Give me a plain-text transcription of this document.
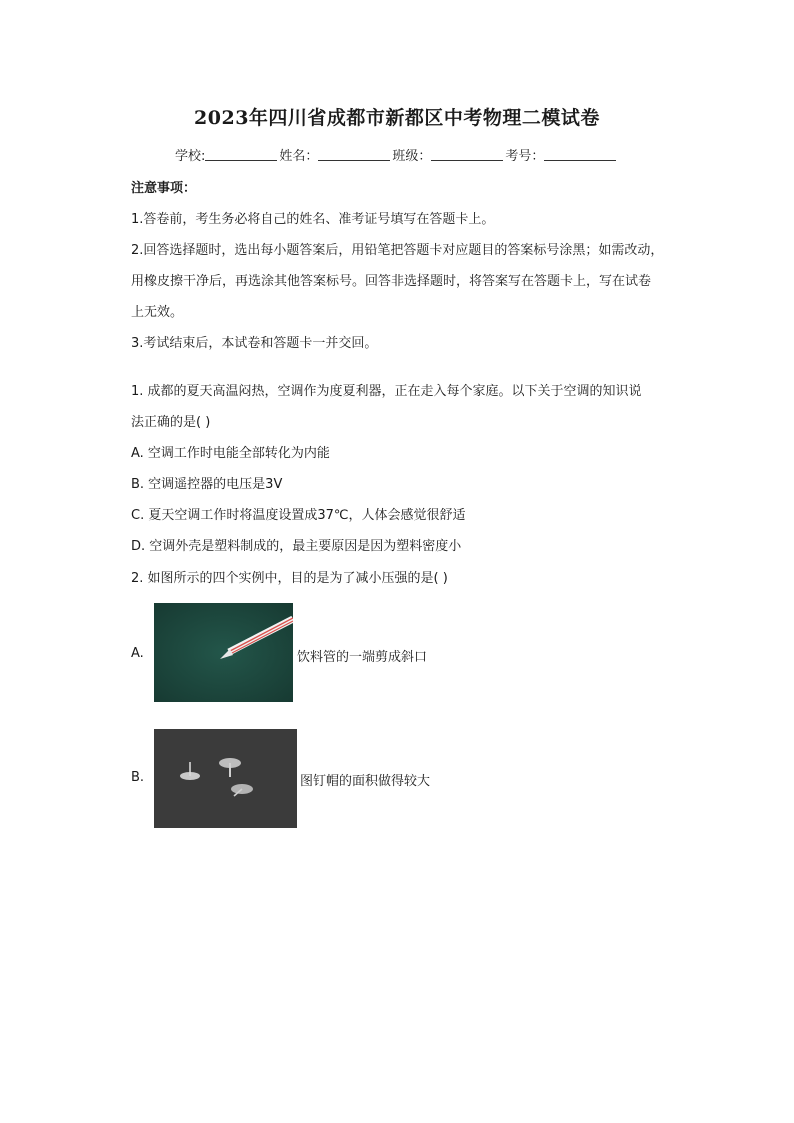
2023年四川省成都市新都区中考物理二模试卷
学校:	姓名：	班级：	考号：
注意事项：
1.答卷前，考生务必将自己的姓名、准考证号填写在答题卡上。
2.回答选择题时，选出每小题答案后，用铅笔把答题卡对应题目的答案标号涂黑；如需改动，
用橡皮擦干净后，再选涂其他答案标号。回答非选择题时，将答案写在答题卡上，写在试卷
上无效。
3.考试结束后，本试卷和答题卡一并交回。
1. 成都的夏天高温闷热，空调作为度夏利器，正在走入每个家庭。以下关于空调的知识说
法正确的是( )
A. 空调工作时电能全部转化为内能
B. 空调遥控器的电压是3V
C. 夏天空调工作时将温度设置成37℃，人体会感觉很舒适
D. 空调外壳是塑料制成的，最主要原因是因为塑料密度小
2. 如图所示的四个实例中，目的是为了减小压强的是( )
A.	饮料管的一端剪成斜口
B.	图钉帽的面积做得较大
